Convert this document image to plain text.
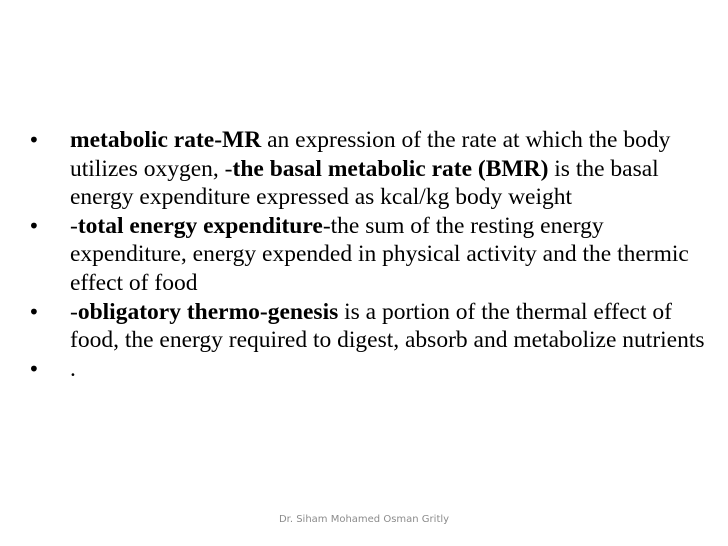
•	metabolic rate-MR an expression of the rate at which the body utilizes oxygen, -the basal metabolic rate (BMR) is the basal energy expenditure expressed as kcal/kg body weight
•	-total energy expenditure-the sum of the resting energy expenditure, energy expended in physical activity and the thermic effect of food
•	-obligatory thermo-genesis is a portion of the thermal effect of food, the energy required to digest, absorb and metabolize nutrients
•	.
Dr. Siham Mohamed Osman Gritly
